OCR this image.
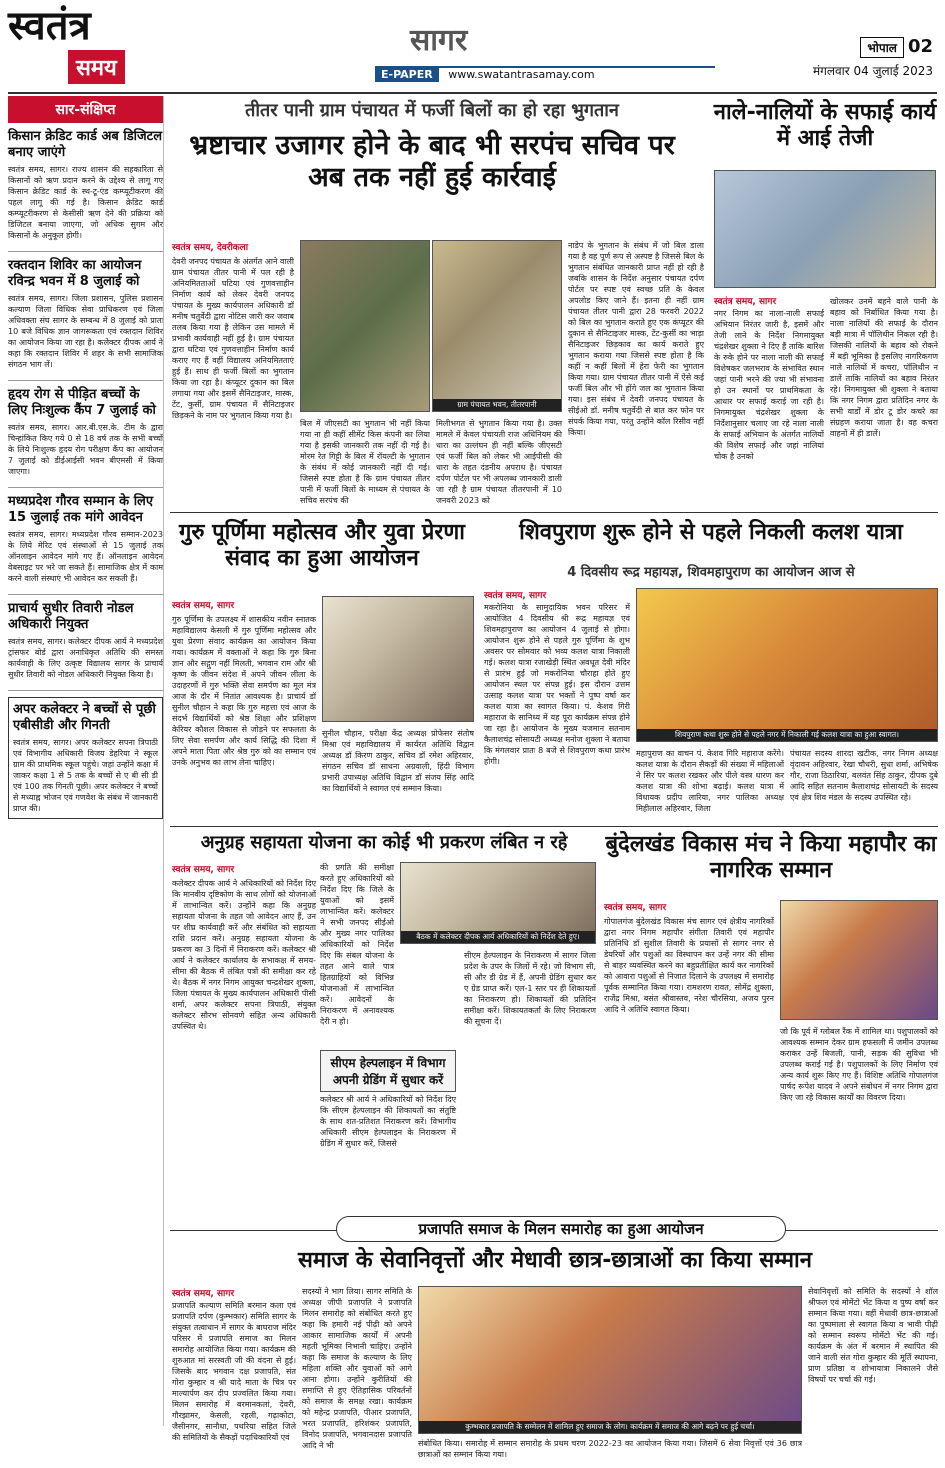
स्वतंत्र
समय
सागर
E-PAPER www.swatantrasamay.com
भोपाल 02
मंगलवार 04 जुलाई 2023
सार-संक्षिप्त
किसान क्रेडिट कार्ड अब डिजिटल बनाए जाएंगे
स्वतंत्र समय, सागर। राज्य शासन की सहकारिता से किसानों को ऋण प्रदान करने के उद्देश्य से लागू गए किसान क्रेडिट कार्ड के स्थ-टू-एंड कम्प्यूटीकरण की पहल लागू की गई है। किसान क्रेडिट कार्ड कम्प्यूटरीकरण से केसीसी ऋण देने की प्रक्रिया को डिजिटल बनाया जाएगा, जो अधिक सुगम और किसानों के अनुकूल होगी।
रक्तदान शिविर का आयोजन रविन्द्र भवन में 8 जुलाई को
स्वतंत्र समय, सागर। जिला प्रशासन, पुलिस प्रशासन कल्याण जिला विधिक सेवा प्राधिकरण एवं जिला अधिवक्ता संघ सागर के सम्बन्ध में 8 जुलाई को प्रातः 10 बजे विधिक ज्ञान जागरूकता एवं रक्तदान शिविर का आयोजन किया जा रहा है। कलेक्टर दीपक आर्य ने कहा कि रक्तदान शिविर में शहर के सभी सामाजिक संगठन भाग लें।
हृदय रोग से पीड़ित बच्चों के लिए निःशुल्क कैंप 7 जुलाई को
स्वतंत्र समय, सागर। आर.बी.एस.के. टीम के द्वारा चिन्हांकित किए गये 0 से 18 वर्ष तक के सभी बच्चों के लिये निःशुल्क हृदय रोग परीक्षण कैंप का आयोजन 7 जुलाई को डीईआईसी भवन बीएमसी में किया जाएगा।
मध्यप्रदेश गौरव सम्मान के लिए 15 जुलाई तक मांगे आवेदन
स्वतंत्र समय, सागर। मध्यप्रदेश गौरव सम्मान-2023 के लिये मेरिट एवं संस्थाओं से 15 जुलाई तक ऑनलाइन आवेदन मांगे गए हैं। ऑनलाइन आवेदन वेबसाइट पर भरे जा सकते हैं। सामाजिक क्षेत्र में काम करने वाली संस्थाएं भी आवेदन कर सकती हैं।
प्राचार्य सुधीर तिवारी नोडल अधिकारी नियुक्त
स्वतंत्र समय, सागर। कलेक्टर दीपक आर्य ने मध्यप्रदेश ट्रांसफर बोर्ड द्वारा अनाधिकृत अतिथि की समस्त कार्यवाही के लिए उत्कृष्ट विद्यालय सागर के प्राचार्य सुधीर तिवारी को नोडल अधिकारी नियुक्त किया है।
अपर कलेक्टर ने बच्चों से पूछी एबीसीडी और गिनती
स्वतंत्र समय, सागर। अपर कलेक्टर सपना त्रिपाठी एवं विभागीय अधिकारी विजय डेहरिया ने स्कूल ग्राम की प्राथमिक स्कूल पहुंचे। जहां उन्होंने कक्षा में जाकर कक्षा 1 से 5 तक के बच्चों से ए बी सी डी एवं 100 तक गिनती पूछी। अपर कलेक्टर ने बच्चों से मध्याह्न भोजन एवं गणवेश के संबंध में जानकारी प्राप्त की।
तीतर पानी ग्राम पंचायत में फर्जी बिलों का हो रहा भुगतान
भ्रष्टाचार उजागर होने के बाद भी सरपंच सचिव पर अब तक नहीं हुई कार्रवाई
स्वतंत्र समय, देवरीकला
देवरी जनपद पंचायत के अंतर्गत आने वाली ग्राम पंचायत तीतर पानी में पल रही है अनियमितताओं घटिया एवं गुणवत्ताहीन निर्माण कार्य को लेकर देवरी जनपद पंचायत के मुख्य कार्यपालन अधिकारी डॉ मनीष चतुर्वेदी द्वारा नोटिस जारी कर जवाब तलब किया गया है लेकिन उस मामले में प्रभावी कार्यवाही नहीं हुई है। ग्राम पंचायत द्वारा घटिया एवं गुणवत्ताहीन निर्माण कार्य कराए गए हैं वहीं विद्यालय अनियमितताएं हुई हैं। साथ ही फर्जी बिलों का भुगतान किया जा रहा है। कंप्यूटर दुकान का बिल लगाया गया और इसमें सैनिटाइजर, मास्क, टेंट, कुर्सी, ग्राम पंचायत में सैनिटाइजर छिड़कने के नाम पर भुगतान किया गया है।
ग्राम पंचायत भवन, तीतरपानी
बिल में जीएसटी का भुगतान भी नहीं किया गया ना ही कहीं सीमेंट किस कंपनी का लिया गया है इसकी जानकारी तक नहीं दी गई है। मोरम रेत गिट्टी के बिल में रॉयल्टी के भुगतान के संबंध में कोई जानकारी नहीं दी गई। जिससे स्पष्ट होता है कि ग्राम पंचायत तीतर पानी में फर्जी बिलों के माध्यम से पंचायत के सचिव सरपंच की
मिलीभगत से भुगतान किया गया है। उक्त मामले में केवल पंचायती राज अधिनियम की धारा का उल्लंघन ही नहीं बल्कि जीएसटी एवं फर्जी बिल को लेकर भी आईपीसी की धारा के तहत दंडनीय अपराध है। पंचायत दर्पण पोर्टल पर भी अपलब्ध जानकारी डाली जा रही है ग्राम पंचायत तीतरपानी में 10 जनवरी 2023 को
नाडेप के भुगतान के संबंध में जो बिल डाला गया है वह पूर्ण रूप से अस्पष्ट है जिससे बिल के भुगतान संबंधित जानकारी प्राप्त नहीं हो रही है जबकि शासन के निर्देश अनुसार पंचायत दर्पण पोर्टल पर स्पष्ट एवं स्वच्छ प्रति के केवल अपलोड किए जाने हैं। इतना ही नहीं ग्राम पंचायत तीतर पानी द्वारा 28 फरवरी 2022 को बिल का भुगतान कराते हुए एक कंप्यूटर की दुकान से सैनिटाइजर मास्क, टेंट-कुर्सी का भाड़ा सैनिटाइजर छिड़काव का कार्य कराते हुए भुगतान कराया गया जिससे स्पष्ट होता है कि कहीं न कहीं बिलों में हेरा फेरी का भुगतान किया गया। ग्राम पंचायत तीतर पानी में ऐसे कई फर्जी बिल और भी होंगे जल का भुगतान किया गया। इस संबंध में देवरी जनपद पंचायत के सीईओ डॉ. मनीष चतुर्वेदी से बात कर फोन पर संपर्क किया गया, परंतु उन्होंने कॉल रिसीव नहीं किया।
नाले-नालियों के सफाई कार्य में आई तेजी
स्वतंत्र समय, सागर
नगर निगम का नाला-नाली सफाई अभियान निरंतर जारी है, इसमें और तेजी लाने के निर्देश निगमायुक्त चंद्रशेखर शुक्ला ने दिए हैं ताकि बारिश के रुके होने पर नाला नाली की सफाई विशेषकर जलभराव के संभावित स्थान जहां पानी भरने की ज्या भी संभावना हो उन स्थानों पर प्राथमिकता के आधार पर सफाई कराई जा रही है। निगमायुक्त चंद्रशेखर शुक्ला के निर्देशानुसार चलाए जा रहे नाला नाली के सफाई अभियान के अंतर्गत नालियों की विशेष सफाई और जहां नालियां चोक है उनको
खोलकर उनमें बहने वाले पानी के बहाव को निर्बाधित किया गया है। नाला नालियों की सफाई के दौरान बड़ी मात्रा में पॉलिथीन निकल रही है। जिसकी नालियों के बहाव को रोकने में बड़ी भूमिका है इसलिए नागरिकगण नाले नालियों में कचरा, पॉलिथीन न डालें ताकि नालियों का बहाव निरंतर रहे। निगमायुक्त श्री शुक्ला ने बताया कि नगर निगम द्वारा प्रतिदिन नगर के सभी वार्डों में डोर टू डोर कचरे का संग्रहण कराया जाता है। वह कचरा वाहनों में ही डालें।
गुरु पूर्णिमा महोत्सव और युवा प्रेरणा संवाद का हुआ आयोजन
स्वतंत्र समय, सागर
गुरु पूर्णिमा के उपलक्ष्य में शासकीय नवीन स्नातक महाविद्यालय केसली में गुरु पूर्णिमा महोत्सव और युवा प्रेरणा संवाद कार्यक्रम का आयोजन किया गया। कार्यक्रम में वक्ताओं ने कहा कि गुरु बिना ज्ञान और सद्गुण नहीं मिलती, भगवान राम और श्री कृष्ण के जीवन संदेश में अपने जीवन लीला के उदाहरणों में गुरु भक्ति सेवा समर्पण का मूल मंत्र आज के दौर में नितांत आवश्यक है। प्राचार्य डॉ सुनील चौहान ने कहा कि गुरु महत्ता एवं आज के संदर्भ विद्यार्थियों को श्रेष्ठ शिक्षा और प्रशिक्षण केरियर कौशल विकास से जोड़ने पर सफलता के लिए सेवा समर्पण और कार्य सिद्धि की दिशा में अपने माता पिता और श्रेष्ठ गुरु को का सम्मान एवं उनके अनुभव का लाभ लेना चाहिए।
सुनील चौहान, परीक्षा केंद्र अध्यक्ष प्रोफेसर संतोष मिश्रा एवं महाविद्यालय में कार्यरत अतिथि विद्वान अध्यक्ष डॉ किरण ठाकुर, सचिव डॉ रमेश अहिरवार, संगठन सचिव डॉ साधना अग्रवाली, हिंदी विभाग प्रभारी उपाध्यक्ष अतिथि विद्वान डॉ संजय सिंह आदि का विद्यार्थियों ने स्वागत एवं सम्मान किया।
शिवपुराण शुरू होने से पहले निकली कलश यात्रा
4 दिवसीय रूद्र महायज्ञ, शिवमहापुराण का आयोजन आज से
स्वतंत्र समय, सागर
मकरोनिया के सामुदायिक भवन परिसर में आयोजित 4 दिवसीय श्री रूद्र महायज्ञ एवं शिवमहापुराण का आयोजन 4 जुलाई से होगा। आयोजन शुरू होने से पहले गुरु पूर्णिमा के शुभ अवसर पर सोमवार को भव्य कलश यात्रा निकाली गई। कलश यात्रा रजाखेड़ी स्थित अवधूत देवी मंदिर से प्रारंभ हुई जो मकरोनिया चौराहा होते हुए आयोजन स्थल पर संपन्न हुई। इस दौरान उत्तम उत्साह कलश यात्रा पर भक्तों ने पुष्प वर्षा कर कलश यात्रा का स्वागत किया। पं. केशव गिरी महाराज के सानिध्य में यह पूरा कार्यक्रम संपन्न होने जा रहा है। आयोजन के मुख्य यजमान सतनाम कैलाशचंद्र सोसायटी अध्यक्ष मनोज शुक्ला ने बताया कि मंगलवार प्रातः 8 बजे से शिवपुराण कथा प्रारंभ होगी।
शिवपुराण कथा शुरू होने से पहले नगर में निकाली गई कलश यात्रा का हुआ स्वागत।
महापुराण का वाचन पं. केशव गिरि महाराज करेंगे। कलश यात्रा के दौरान सैकड़ों की संख्या में महिलाओं ने सिर पर कलश रखकर और पीले वस्त्र धारण कर कलश यात्रा की शोभा बढ़ाई। कलश यात्रा में विधायक प्रदीप लारिया, नगर पालिका अध्यक्ष मिहीलाल अहिरवार, जिला
पंचायत सदस्य शारदा खटीक, नगर निगम अध्यक्ष वृंदावन अहिरवार, रेखा चौधरी, सुधा शर्मा, अभिषेक गौर, राजा ठिठारिया, बलवंत सिंह ठाकुर, दीपक दुबे आदि सहित सतनाम कैलाशचंद्र सोसायटी के सदस्य एवं क्षेत्र शिव मंडल के सदस्य उपस्थित रहे।
अनुग्रह सहायता योजना का कोई भी प्रकरण लंबित न रहे
स्वतंत्र समय, सागर
कलेक्टर दीपक आर्य ने अधिकारियों को निर्देश दिए कि मानवीय दृष्टिकोण के साथ लोगों को योजनाओं में लाभान्वित करें। उन्होंने कहा कि अनुग्रह सहायता योजना के तहत जो आवेदन आए हैं, उन पर शीघ्र कार्यवाही करें और संबंधित को सहायता राशि प्रदान करें। अनुग्रह सहायता योजना के प्रकरण का 3 दिनों में निराकरण करें। कलेक्टर श्री आर्य ने कलेक्टर कार्यालय के सभाकक्ष में समय-सीमा की बैठक में लंबित पत्रों की समीक्षा कर रहे थे। बैठक में नगर निगम आयुक्त चन्द्रशेखर शुक्ला, जिला पंचायत के मुख्य कार्यपालन अधिकारी पीसी शर्मा, अपर कलेक्टर सपना त्रिपाठी, संयुक्त कलेक्टर सौरभ सोनवणे सहित अन्य अधिकारी उपस्थित थे।
की प्रगति की समीक्षा करते हुए अधिकारियों को निर्देश दिए कि जिले के युवाओं को इसमें लाभान्वित करें। कलेक्टर ने सभी जनपद सीईओ और मुख्य नगर पालिका अधिकारियों को निर्देश दिए कि संबल योजना के तहत आने वाले पात्र हितग्राहियों को विभिन्न योजनाओं में लाभान्वित करें। आवेदनों के निराकरण में अनावश्यक देरी न हो।
बैठक में कलेक्टर दीपक आर्य अधिकारियों को निर्देश देते हुए।
सीएम हेल्पलाइन के निराकरण में सागर जिला प्रदेश के उपर के जिलों में रहे। जो विभाग सी, सी और डी ग्रेड में हैं, अपनी ग्रेडिंग सुधार कर ए ग्रेड प्राप्त करें। एल-1 स्तर पर ही शिकायतों का निराकरण हो। शिकायतों की प्रतिदिन समीक्षा करें। शिकायतकर्ता के लिए निराकरण की सूचना दें।
सीएम हेल्पलाइन में विभाग अपनी ग्रेडिंग में सुधार करें
कलेक्टर श्री आर्य ने अधिकारियों को निर्देश दिए कि सीएम हेल्पलाइन की शिकायतों का संतुष्टि के साथ शत-प्रतिशत निराकरण करें। विभागीय अधिकारी सीएम हेल्पलाइन के निराकरण में ग्रेडिंग में सुधार करें, जिससे
बुंदेलखंड विकास मंच ने किया महापौर का नागरिक सम्मान
स्वतंत्र समय, सागर
गोपालगंज बुंदेलखंड विकास मंच सागर एवं क्षेत्रीय नागरिकों द्वारा नगर निगम महापौर संगीता तिवारी एवं महापौर प्रतिनिधि डॉ सुशील तिवारी के प्रयासों से सागर नगर से डेयरियों और पशुओं का विस्थापन कर उन्हें नगर की सीमा से बाहर व्यवस्थित करने का बहुप्रतीक्षित कार्य कर नागरिकों को आवारा पशुओं से निजात दिलाने के उपलक्ष्य में समारोह पूर्वक सम्मानित किया गया। रामशरण रावत, सोमेंद्र शुक्ला, राजेंद्र मिश्रा, बसंत श्रीवास्तव, नरेश चौरसिया, अजय पुरन आदि ने अतिथि स्वागत किया।
जो कि पूर्व में ग्लोबल रैंक में शामिल था। पशुपालकों को आवश्यक सम्मान देकर ग्राम हफसली में जमीन उपलब्ध कराकर उन्हें बिजली, पानी, सड़क की सुविधा भी उपलब्ध कराई गई है। पशुपालकों के लिए निर्माण एवं अन्य कार्य शुरू किए गए हैं। विशिष्ट अतिथि गोपालगंज पार्षद रूपेश यादव ने अपने संबोधन में नगर निगम द्वारा किए जा रहे विकास कार्यों का विवरण दिया।
प्रजापति समाज के मिलन समारोह का हुआ आयोजन
समाज के सेवानिवृत्तों और मेधावी छात्र-छात्राओं का किया सम्मान
स्वतंत्र समय, सागर
प्रजापति कल्याण समिति बरमान कला एवं प्रजापति दर्पण (कुम्भकार) समिति सागर के संयुक्त तत्वाधान में सागर के बाघराज मंदिर परिसर में प्रजापति समाज का मिलन समारोह आयोजित किया गया। कार्यक्रम की शुरुआत मां सरस्वती जी की वंदना से हुई। जिसके बाद भगवान दक्ष प्रजापति, संत गोरा कुम्हार व श्री यादे माता के चित्र पर माल्यार्पण कर दीप प्रज्वलित किया गया। मिलन समारोह में बरमानकलां, देवरी, गौरझामर, केसली, रहली, गढ़ाकोटा, जैसीनगर, सानौधा, पथरिया सहित जिले की समितियों के सैकड़ों पदाधिकारियों एवं
सदस्यों ने भाग लिया। सागर समिति के अध्यक्ष जीपी प्रजापति ने प्रजापति मिलन समारोह को संबोधित करते हुए कहा कि हमारी नई पीढ़ी को अपने आकार सामाजिक कार्यों में अपनी महती भूमिका निभानी चाहिए। उन्होंने कहा कि समाज के कल्याण के लिए महिला शक्ति और युवाओं को आगे आना होगा। उन्होंने कुरीतियों की समाप्ति से हुए ऐतिहासिक परिवर्तनों को समाज के समक्ष रखा। कार्यक्रम को महेन्द्र प्रजापति, पीआर प्रजापति, भरत प्रजापति, हरिशंकर प्रजापति, विनोद प्रजापति, भगवानदास प्रजापति आदि ने भी
कुम्भकार प्रजापति के सम्मेलन में शामिल हुए समाज के लोग। कार्यक्रम में समाज की आगे बढ़ने पर हुई चर्चा।
संबोधित किया। समारोह में सम्मान समारोह के प्रथम चरण 2022-23 का आयोजन किया गया। जिसमें 6 सेवा निवृत्तों एवं 36 छात्र छात्राओं का सम्मान किया गया।
सेवानिवृत्तों को समिति के सदस्यों ने शॉल श्रीफल एवं मोमेंटो भेंट किया व पुष्प वर्षा कर सम्मान किया गया। वहीं मेधावी छात्र-छात्राओं का पुष्पमाला से स्वागत किया व भावी पीढ़ी को सम्मान स्वरूप मोमेंटो भेंट की गई। कार्यक्रम के अंत में बरमान में स्थापित की जाने वाली संत गोरा कुम्हार की मूर्ति स्थापना, प्राण प्रतिष्ठा व शोभायात्रा निकालने जैसे विषयों पर चर्चा की गई।
